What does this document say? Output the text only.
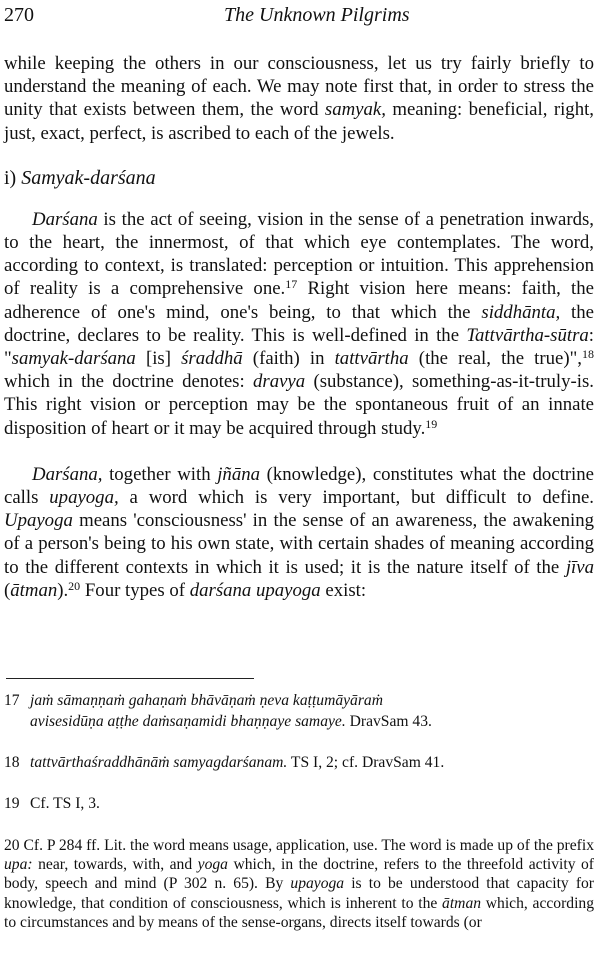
270	The Unknown Pilgrims

while keeping the others in our consciousness, let us try fairly briefly to understand the meaning of each. We may note first that, in order to stress the unity that exists between them, the word samyak, meaning: beneficial, right, just, exact, perfect, is ascribed to each of the jewels.

i) Samyak-darśana

Darśana is the act of seeing, vision in the sense of a penetration inwards, to the heart, the innermost, of that which eye contemplates. The word, according to context, is translated: perception or intuition. This apprehension of reality is a comprehensive one.$^{17}$ Right vision here means: faith, the adherence of one's mind, one's being, to that which the siddhānta, the doctrine, declares to be reality. This is well-defined in the Tattvārtha-sūtra: "samyak-darśana [is] śraddhā (faith) in tattvārtha (the real, the true)",$^{18}$ which in the doctrine denotes: dravya (substance), something-as-it-truly-is. This right vision or perception may be the spontaneous fruit of an innate disposition of heart or it may be acquired through study.$^{19}$

Darśana, together with jñāna (knowledge), constitutes what the doctrine calls upayoga, a word which is very important, but difficult to define. Upayoga means 'consciousness' in the sense of an awareness, the awakening of a person's being to his own state, with certain shades of meaning according to the different contexts in which it is used; it is the nature itself of the jīva (ātman).$^{20}$ Four types of darśana upayoga exist:

17 jaṁ sāmaṇṇaṁ gahaṇaṁ bhāvāṇaṁ ṇeva kaṭṭumāyāraṁ
avisesidūṇa aṭṭhe daṁsaṇamidi bhaṇṇaye samaye. DravSam 43.
18 tattvārthaśraddhānāṁ samyagdarśanam. TS I, 2; cf. DravSam 41.
19 Cf. TS I, 3.
20 Cf. P 284 ff. Lit. the word means usage, application, use. The word is made up of the prefix upa: near, towards, with, and yoga which, in the doctrine, refers to the threefold activity of body, speech and mind (P 302 n. 65). By upayoga is to be understood that capacity for knowledge, that condition of consciousness, which is inherent to the ātman which, according to circumstances and by means of the sense-organs, directs itself towards (or
